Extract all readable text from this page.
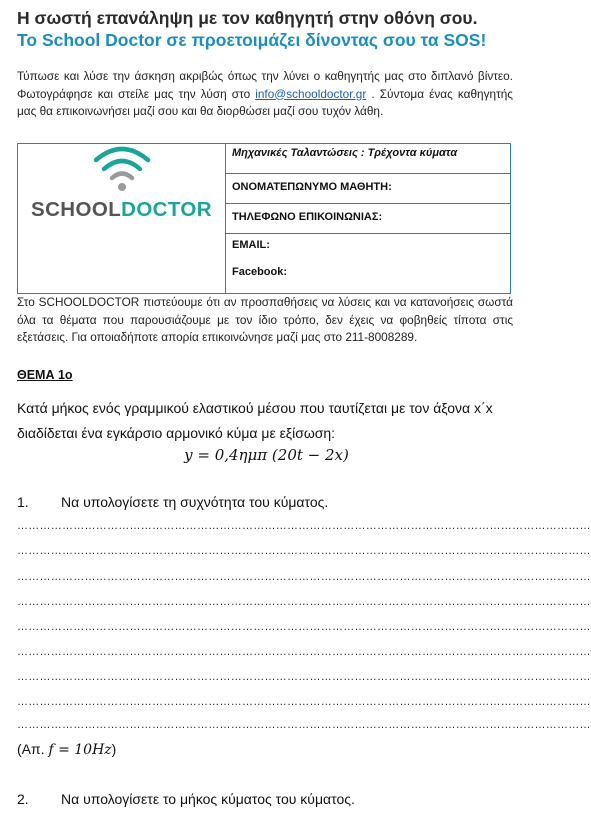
Η σωστή επανάληψη με τον καθηγητή στην οθόνη σου.
Το School Doctor σε προετοιμάζει δίνοντας σου τα SOS!
Τύπωσε και λύσε την άσκηση ακριβώς όπως την λύνει ο καθηγητής μας στο διπλανό βίντεο. Φωτογράφησε και στείλε μας την λύση στο info@schooldoctor.gr . Σύντομα ένας καθηγητής μας θα επικοινωνήσει μαζί σου και θα διορθώσει μαζί σου τυχόν λάθη.
SCHOOLDOCTOR
	Μηχανικές Ταλαντώσεις : Τρέχοντα κύματα
ΟΝΟΜΑΤΕΠΩΝΥΜΟ ΜΑΘΗΤΗ:
ΤΗΛΕΦΩΝΟ ΕΠΙΚΟΙΝΩΝΙΑΣ:
EMAIL:
Facebook:
Στο SCHOOLDOCTOR πιστεύουμε ότι αν προσπαθήσεις να λύσεις και να κατανοήσεις σωστά όλα τα θέματα που παρουσιάζουμε με τον ίδιο τρόπο, δεν έχεις να φοβηθείς τίποτα στις εξετάσεις. Για οποιαδήποτε απορία επικοινώνησε μαζί μας στο 211-8008289.
ΘΕΜΑ 1ο
Κατά μήκος ενός γραμμικού ελαστικού μέσου που ταυτίζεται με τον άξονα x΄x διαδίδεται ένα εγκάρσιο αρμονικό κύμα με εξίσωση:
y = 0,4ημπ (20t − 2x)
1. Να υπολογίσετε τη συχνότητα του κύματος.
………………………………………………………………………………………………………………………………………
………………………………………………………………………………………………………………………………………
………………………………………………………………………………………………………………………………………
………………………………………………………………………………………………………………………………………
………………………………………………………………………………………………………………………………………
………………………………………………………………………………………………………………………………………
………………………………………………………………………………………………………………………………………
………………………………………………………………………………………………………………………………………
………………………………………………………………………………………………………………………………………
(Απ. f = 10Hz)
2. Να υπολογίσετε το μήκος κύματος του κύματος.
